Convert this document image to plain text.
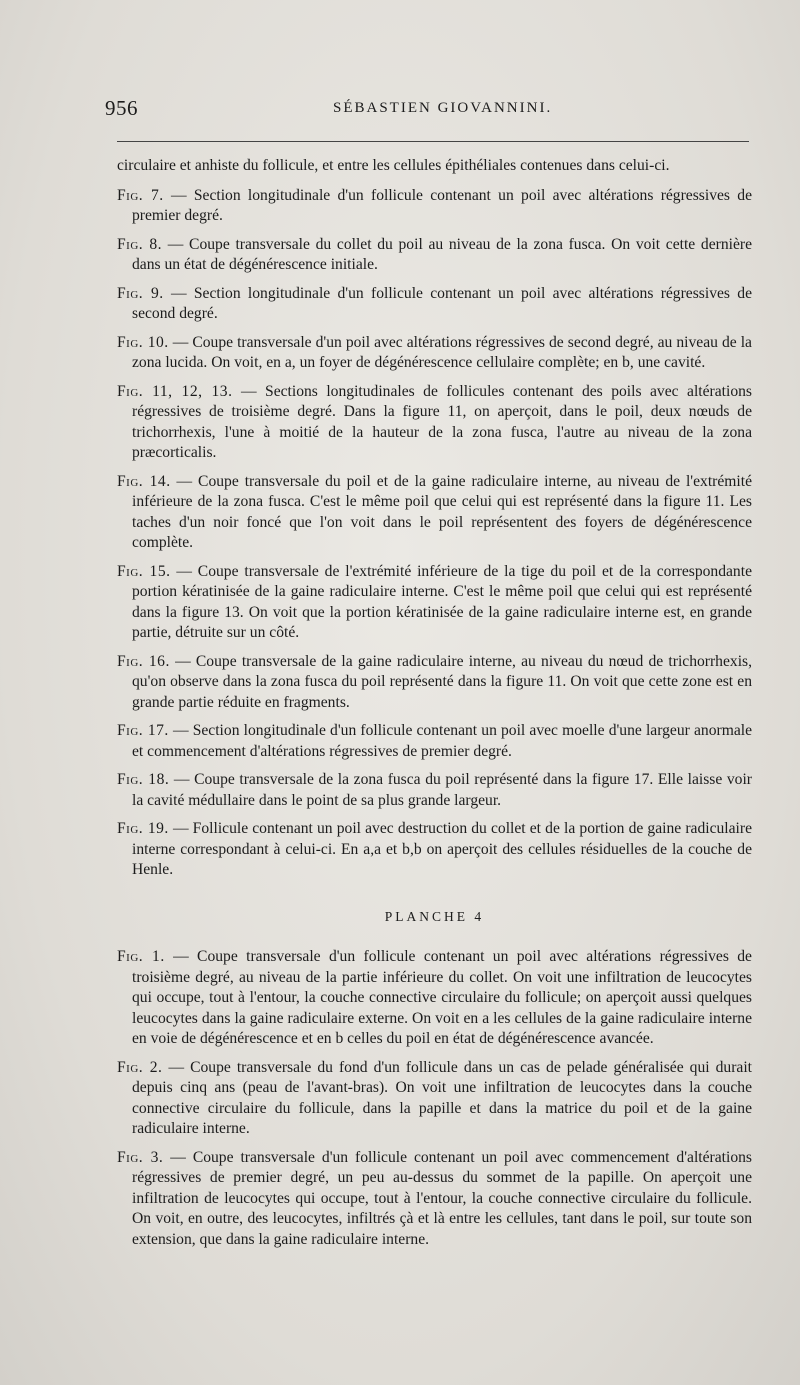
956	SÉBASTIEN GIOVANNINI.

circulaire et anhiste du follicule, et entre les cellules épithéliales contenues dans celui-ci.

Fig. 7. — Section longitudinale d'un follicule contenant un poil avec altérations régressives de premier degré.

Fig. 8. — Coupe transversale du collet du poil au niveau de la zona fusca. On voit cette dernière dans un état de dégénérescence initiale.

Fig. 9. — Section longitudinale d'un follicule contenant un poil avec altérations régressives de second degré.

Fig. 10. — Coupe transversale d'un poil avec altérations régressives de second degré, au niveau de la zona lucida. On voit, en a, un foyer de dégénérescence cellulaire complète; en b, une cavité.

Fig. 11, 12, 13. — Sections longitudinales de follicules contenant des poils avec altérations régressives de troisième degré. Dans la figure 11, on aperçoit, dans le poil, deux nœuds de trichorrhexis, l'une à moitié de la hauteur de la zona fusca, l'autre au niveau de la zona præcorticalis.

Fig. 14. — Coupe transversale du poil et de la gaine radiculaire interne, au niveau de l'extrémité inférieure de la zona fusca. C'est le même poil que celui qui est représenté dans la figure 11. Les taches d'un noir foncé que l'on voit dans le poil représentent des foyers de dégénérescence complète.

Fig. 15. — Coupe transversale de l'extrémité inférieure de la tige du poil et de la correspondante portion kératinisée de la gaine radiculaire interne. C'est le même poil que celui qui est représenté dans la figure 13. On voit que la portion kératinisée de la gaine radiculaire interne est, en grande partie, détruite sur un côté.

Fig. 16. — Coupe transversale de la gaine radiculaire interne, au niveau du nœud de trichorrhexis, qu'on observe dans la zona fusca du poil représenté dans la figure 11. On voit que cette zone est en grande partie réduite en fragments.

Fig. 17. — Section longitudinale d'un follicule contenant un poil avec moelle d'une largeur anormale et commencement d'altérations régressives de premier degré.

Fig. 18. — Coupe transversale de la zona fusca du poil représenté dans la figure 17. Elle laisse voir la cavité médullaire dans le point de sa plus grande largeur.

Fig. 19. — Follicule contenant un poil avec destruction du collet et de la portion de gaine radiculaire interne correspondant à celui-ci. En a,a et b,b on aperçoit des cellules résiduelles de la couche de Henle.

PLANCHE 4

Fig. 1. — Coupe transversale d'un follicule contenant un poil avec altérations régressives de troisième degré, au niveau de la partie inférieure du collet. On voit une infiltration de leucocytes qui occupe, tout à l'entour, la couche connective circulaire du follicule; on aperçoit aussi quelques leucocytes dans la gaine radiculaire externe. On voit en a les cellules de la gaine radiculaire interne en voie de dégénérescence et en b celles du poil en état de dégénérescence avancée.

Fig. 2. — Coupe transversale du fond d'un follicule dans un cas de pelade généralisée qui durait depuis cinq ans (peau de l'avant-bras). On voit une infiltration de leucocytes dans la couche connective circulaire du follicule, dans la papille et dans la matrice du poil et de la gaine radiculaire interne.

Fig. 3. — Coupe transversale d'un follicule contenant un poil avec commencement d'altérations régressives de premier degré, un peu au-dessus du sommet de la papille. On aperçoit une infiltration de leucocytes qui occupe, tout à l'entour, la couche connective circulaire du follicule. On voit, en outre, des leucocytes, infiltrés çà et là entre les cellules, tant dans le poil, sur toute son extension, que dans la gaine radiculaire interne.
